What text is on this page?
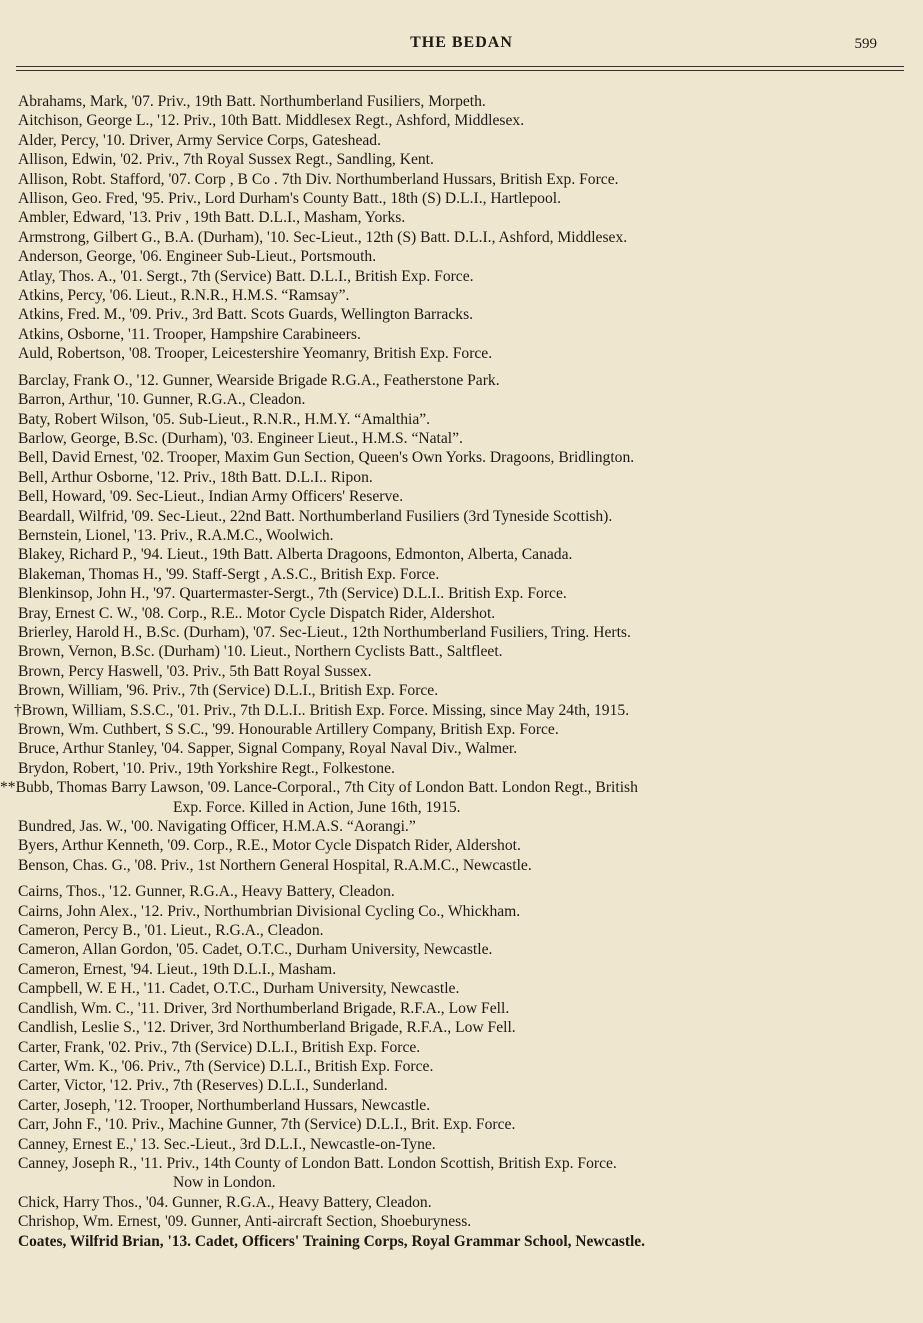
THE BEDAN	599
Abrahams, Mark, '07. Priv., 19th Batt. Northumberland Fusiliers, Morpeth.
Aitchison, George L., '12. Priv., 10th Batt. Middlesex Regt., Ashford, Middlesex.
Alder, Percy, '10. Driver, Army Service Corps, Gateshead.
Allison, Edwin, '02. Priv., 7th Royal Sussex Regt., Sandling, Kent.
Allison, Robt. Stafford, '07. Corp , B Co . 7th Div. Northumberland Hussars, British Exp. Force.
Allison, Geo. Fred, '95. Priv., Lord Durham's County Batt., 18th (S) D.L.I., Hartlepool.
Ambler, Edward, '13. Priv , 19th Batt. D.L.I., Masham, Yorks.
Armstrong, Gilbert G., B.A. (Durham), '10. Sec-Lieut., 12th (S) Batt. D.L.I., Ashford, Middlesex.
Anderson, George, '06. Engineer Sub-Lieut., Portsmouth.
Atlay, Thos. A., '01. Sergt., 7th (Service) Batt. D.L.I., British Exp. Force.
Atkins, Percy, '06. Lieut., R.N.R., H.M.S. “Ramsay”.
Atkins, Fred. M., '09. Priv., 3rd Batt. Scots Guards, Wellington Barracks.
Atkins, Osborne, '11. Trooper, Hampshire Carabineers.
Auld, Robertson, '08. Trooper, Leicestershire Yeomanry, British Exp. Force.
Barclay, Frank O., '12. Gunner, Wearside Brigade R.G.A., Featherstone Park.
Barron, Arthur, '10. Gunner, R.G.A., Cleadon.
Baty, Robert Wilson, '05. Sub-Lieut., R.N.R., H.M.Y. “Amalthia”.
Barlow, George, B.Sc. (Durham), '03. Engineer Lieut., H.M.S. “Natal”.
Bell, David Ernest, '02. Trooper, Maxim Gun Section, Queen's Own Yorks. Dragoons, Bridlington.
Bell, Arthur Osborne, '12. Priv., 18th Batt. D.L.I.. Ripon.
Bell, Howard, '09. Sec-Lieut., Indian Army Officers' Reserve.
Beardall, Wilfrid, '09. Sec-Lieut., 22nd Batt. Northumberland Fusiliers (3rd Tyneside Scottish).
Bernstein, Lionel, '13. Priv., R.A.M.C., Woolwich.
Blakey, Richard P., '94. Lieut., 19th Batt. Alberta Dragoons, Edmonton, Alberta, Canada.
Blakeman, Thomas H., '99. Staff-Sergt , A.S.C., British Exp. Force.
Blenkinsop, John H., '97. Quartermaster-Sergt., 7th (Service) D.L.I.. British Exp. Force.
Bray, Ernest C. W., '08. Corp., R.E.. Motor Cycle Dispatch Rider, Aldershot.
Brierley, Harold H., B.Sc. (Durham), '07. Sec-Lieut., 12th Northumberland Fusiliers, Tring. Herts.
Brown, Vernon, B.Sc. (Durham) '10. Lieut., Northern Cyclists Batt., Saltfleet.
Brown, Percy Haswell, '03. Priv., 5th Batt Royal Sussex.
Brown, William, '96. Priv., 7th (Service) D.L.I., British Exp. Force.
†Brown, William, S.S.C., '01. Priv., 7th D.L.I.. British Exp. Force. Missing, since May 24th, 1915.
Brown, Wm. Cuthbert, S S.C., '99. Honourable Artillery Company, British Exp. Force.
Bruce, Arthur Stanley, '04. Sapper, Signal Company, Royal Naval Div., Walmer.
Brydon, Robert, '10. Priv., 19th Yorkshire Regt., Folkestone.
**Bubb, Thomas Barry Lawson, '09. Lance-Corporal., 7th City of London Batt. London Regt., British
Exp. Force. Killed in Action, June 16th, 1915.
Bundred, Jas. W., '00. Navigating Officer, H.M.A.S. “Aorangi.”
Byers, Arthur Kenneth, '09. Corp., R.E., Motor Cycle Dispatch Rider, Aldershot.
Benson, Chas. G., '08. Priv., 1st Northern General Hospital, R.A.M.C., Newcastle.
Cairns, Thos., '12. Gunner, R.G.A., Heavy Battery, Cleadon.
Cairns, John Alex., '12. Priv., Northumbrian Divisional Cycling Co., Whickham.
Cameron, Percy B., '01. Lieut., R.G.A., Cleadon.
Cameron, Allan Gordon, '05. Cadet, O.T.C., Durham University, Newcastle.
Cameron, Ernest, '94. Lieut., 19th D.L.I., Masham.
Campbell, W. E H., '11. Cadet, O.T.C., Durham University, Newcastle.
Candlish, Wm. C., '11. Driver, 3rd Northumberland Brigade, R.F.A., Low Fell.
Candlish, Leslie S., '12. Driver, 3rd Northumberland Brigade, R.F.A., Low Fell.
Carter, Frank, '02. Priv., 7th (Service) D.L.I., British Exp. Force.
Carter, Wm. K., '06. Priv., 7th (Service) D.L.I., British Exp. Force.
Carter, Victor, '12. Priv., 7th (Reserves) D.L.I., Sunderland.
Carter, Joseph, '12. Trooper, Northumberland Hussars, Newcastle.
Carr, John F., '10. Priv., Machine Gunner, 7th (Service) D.L.I., Brit. Exp. Force.
Canney, Ernest E.,' 13. Sec.-Lieut., 3rd D.L.I., Newcastle-on-Tyne.
Canney, Joseph R., '11. Priv., 14th County of London Batt. London Scottish, British Exp. Force.
Now in London.
Chick, Harry Thos., '04. Gunner, R.G.A., Heavy Battery, Cleadon.
Chrishop, Wm. Ernest, '09. Gunner, Anti-aircraft Section, Shoeburyness.
Coates, Wilfrid Brian, '13. Cadet, Officers' Training Corps, Royal Grammar School, Newcastle.
